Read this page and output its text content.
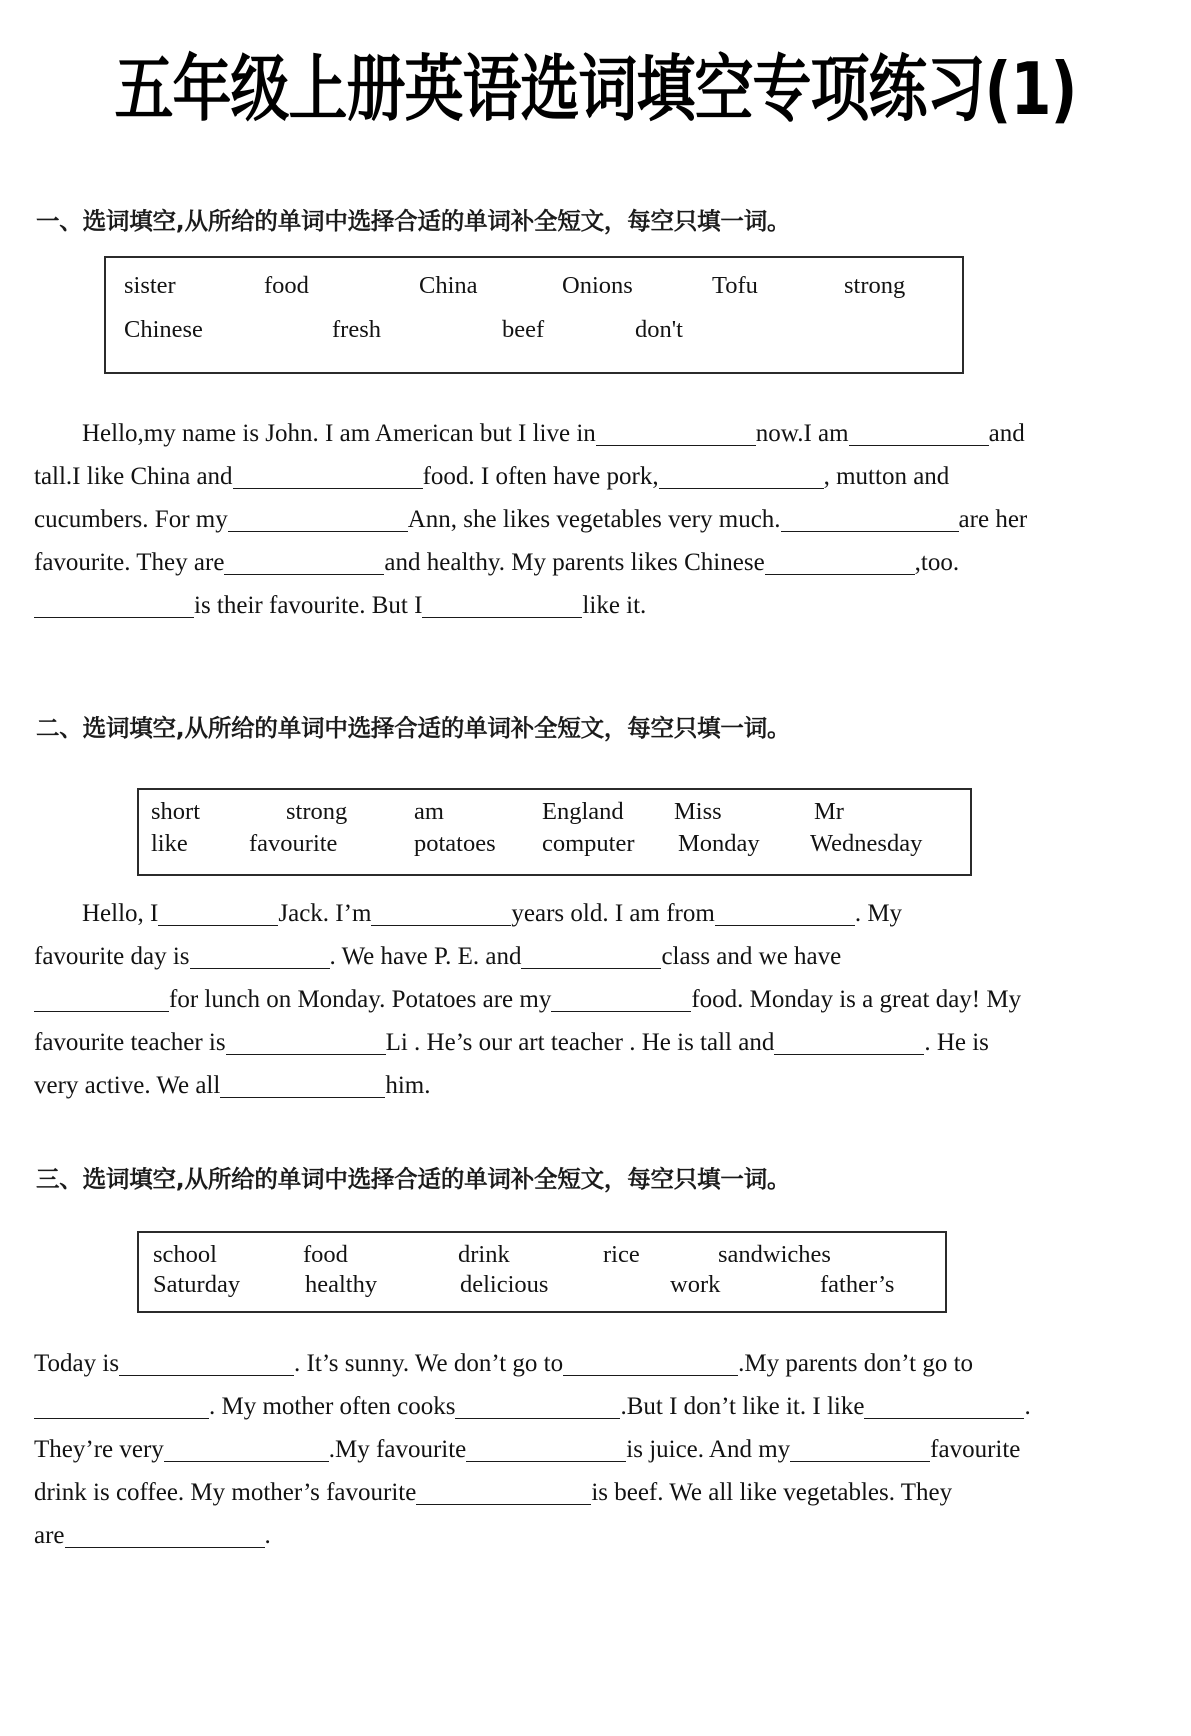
五年级上册英语选词填空专项练习(1)
一、选词填空,从所给的单词中选择合适的单词补全短文，每空只填一词。
sister	food	China	Onions	Tofu	strong
Chinese	fresh	beef	don't
Hello,my name is John. I am American but I live in	now.I am	and
tall.I like China and	food. I often have pork,	, mutton and
cucumbers. For my	Ann, she likes vegetables very much.	are her
favourite. They are	and healthy. My parents likes Chinese	,too.
is their favourite. But I	like it.
二、选词填空,从所给的单词中选择合适的单词补全短文，每空只填一词。
short	strong	am	England	Miss	Mr
like	favourite	potatoes	computer	Monday	Wednesday
Hello, I	Jack. I’m	years old. I am from	. My
favourite day is	. We have P. E. and	class and we have
for lunch on Monday. Potatoes are my	food. Monday is a great day! My
favourite teacher is	Li . He’s our art teacher . He is tall and	. He is
very active. We all	him.
三、选词填空,从所给的单词中选择合适的单词补全短文，每空只填一词。
school	food	drink	rice	sandwiches
Saturday	healthy	delicious	work	father’s
Today is	. It’s sunny. We don’t go to	.My parents don’t go to
. My mother often cooks	.But I don’t like it. I like	.
They’re very	.My favourite	is juice. And my	favourite
drink is coffee. My mother’s favourite	is beef. We all like vegetables. They
are	.
